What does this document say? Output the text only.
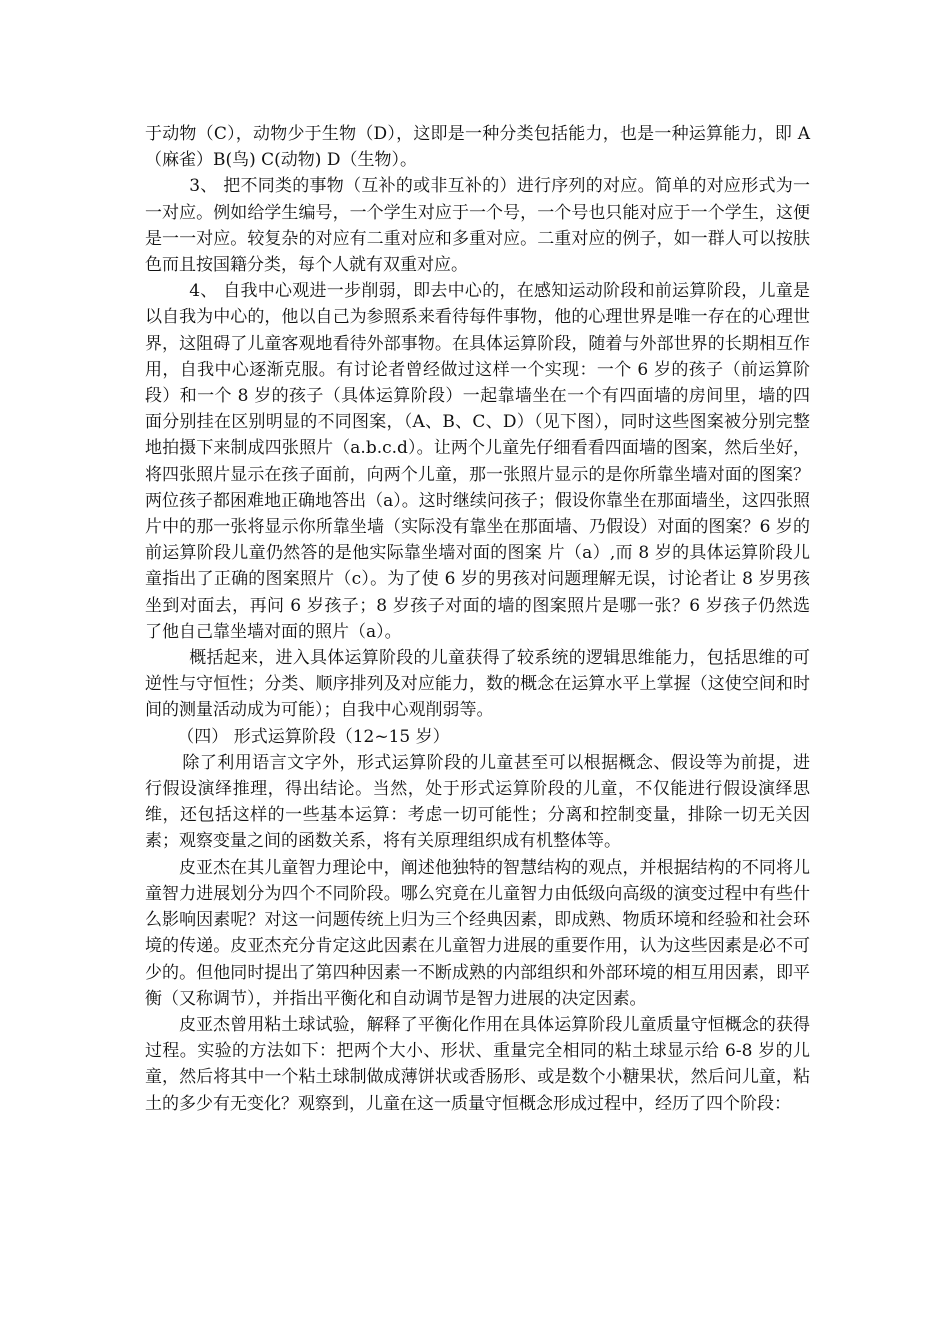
于动物（C），动物少于生物（D），这即是一种分类包括能力，也是一种运算能力，即 A（麻雀）B(鸟) C(动物) D（生物）。

3、 把不同类的事物（互补的或非互补的）进行序列的对应。简单的对应形式为一一对应。例如给学生编号，一个学生对应于一个号，一个号也只能对应于一个学生，这便是一一对应。较复杂的对应有二重对应和多重对应。二重对应的例子，如一群人可以按肤色而且按国籍分类，每个人就有双重对应。

4、 自我中心观进一步削弱，即去中心的，在感知运动阶段和前运算阶段，儿童是以自我为中心的，他以自己为参照系来看待每件事物，他的心理世界是唯一存在的心理世界，这阻碍了儿童客观地看待外部事物。在具体运算阶段，随着与外部世界的长期相互作用，自我中心逐渐克服。有讨论者曾经做过这样一个实现：一个 6 岁的孩子（前运算阶段）和一个 8 岁的孩子（具体运算阶段）一起靠墙坐在一个有四面墙的房间里，墙的四面分别挂在区别明显的不同图案，（A、B、C、D）（见下图），同时这些图案被分别完整地拍摄下来制成四张照片（a.b.c.d）。让两个儿童先仔细看看四面墙的图案，然后坐好，将四张照片显示在孩子面前，向两个儿童，那一张照片显示的是你所靠坐墙对面的图案？两位孩子都困难地正确地答出（a）。这时继续问孩子；假设你靠坐在那面墙坐，这四张照片中的那一张将显示你所靠坐墙（实际没有靠坐在那面墙、乃假设）对面的图案？6 岁的前运算阶段儿童仍然答的是他实际靠坐墙对面的图案 片（a）,而 8 岁的具体运算阶段儿童指出了正确的图案照片（c）。为了使 6 岁的男孩对问题理解无误，讨论者让 8 岁男孩坐到对面去，再问 6 岁孩子；8 岁孩子对面的墙的图案照片是哪一张？6 岁孩子仍然选了他自己靠坐墙对面的照片（a）。

概括起来，进入具体运算阶段的儿童获得了较系统的逻辑思维能力，包括思维的可逆性与守恒性；分类、顺序排列及对应能力，数的概念在运算水平上掌握（这使空间和时间的测量活动成为可能）；自我中心观削弱等。

（四） 形式运算阶段（12~15 岁）

除了利用语言文字外，形式运算阶段的儿童甚至可以根据概念、假设等为前提，进行假设演绎推理，得出结论。当然，处于形式运算阶段的儿童，不仅能进行假设演绎思维，还包括这样的一些基本运算：考虑一切可能性；分离和控制变量，排除一切无关因素；观察变量之间的函数关系，将有关原理组织成有机整体等。

皮亚杰在其儿童智力理论中，阐述他独特的智慧结构的观点，并根据结构的不同将儿童智力进展划分为四个不同阶段。哪么究竟在儿童智力由低级向高级的演变过程中有些什么影响因素呢？对这一问题传统上归为三个经典因素，即成熟、物质环境和经验和社会环境的传递。皮亚杰充分肯定这此因素在儿童智力进展的重要作用，认为这些因素是必不可少的。但他同时提出了第四种因素一不断成熟的内部组织和外部环境的相互用因素，即平衡（又称调节），并指出平衡化和自动调节是智力进展的决定因素。

皮亚杰曾用粘土球试验，解释了平衡化作用在具体运算阶段儿童质量守恒概念的获得过程。实验的方法如下：把两个大小、形状、重量完全相同的粘土球显示给 6-8 岁的儿童，然后将其中一个粘土球制做成薄饼状或香肠形、或是数个小糖果状，然后问儿童，粘土的多少有无变化？观察到，儿童在这一质量守恒概念形成过程中，经历了四个阶段：
